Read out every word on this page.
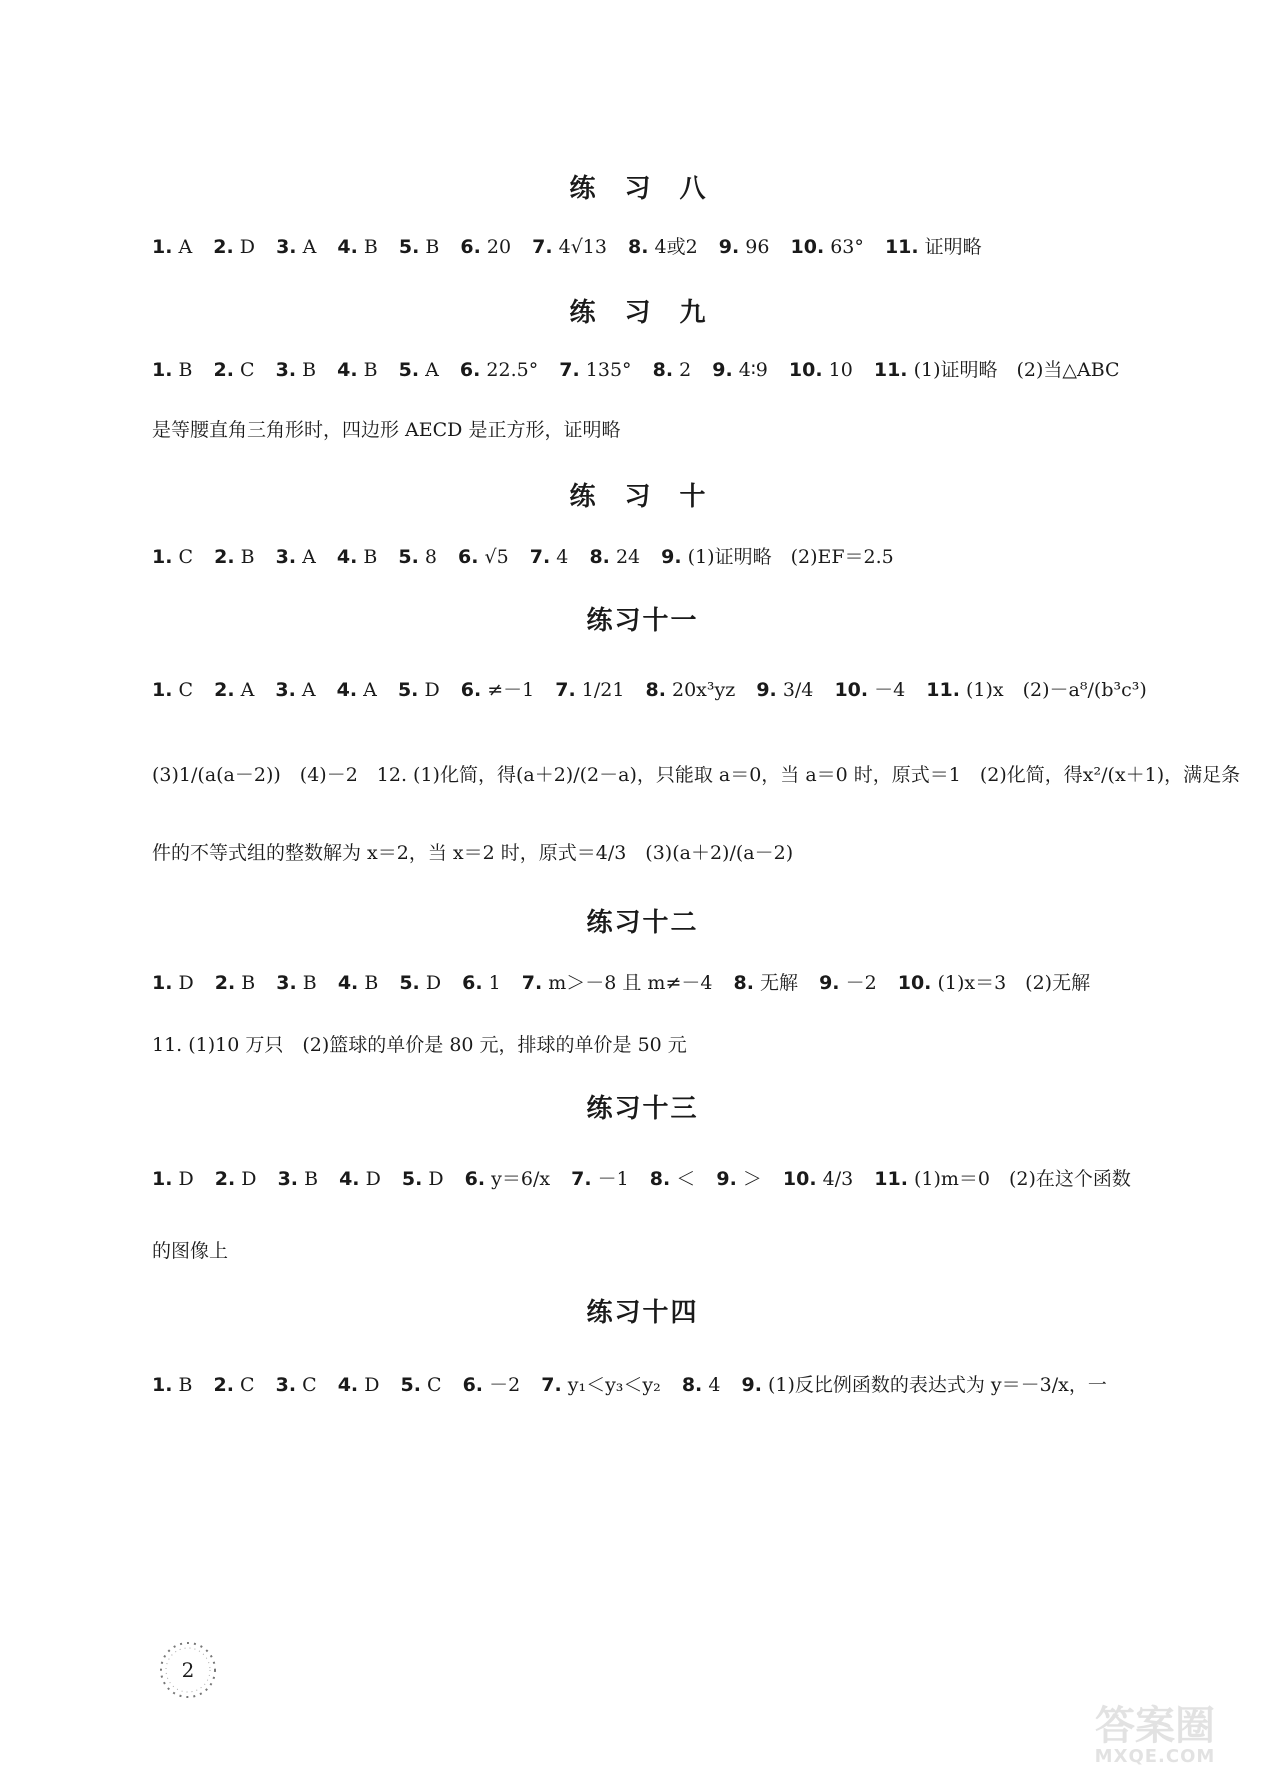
练 习 八
1. A 2. D 3. A 4. B 5. B 6. 20 7. 4√13 8. 4或2 9. 96 10. 63° 11. 证明略
练 习 九
1. B 2. C 3. B 4. B 5. A 6. 22.5° 7. 135° 8. 2 9. 4∶9 10. 10 11. (1)证明略　(2)当△ABC
是等腰直角三角形时，四边形 AECD 是正方形，证明略
练 习 十
1. C 2. B 3. A 4. B 5. 8 6. √5 7. 4 8. 24 9. (1)证明略　(2)EF＝2.5
练习十一
1. C 2. A 3. A 4. A 5. D 6. ≠－1 7. 1/21 8. 20x³yz 9. 3/4 10. －4 11. (1)x　(2)－a⁸/(b³c³)
(3)1/(a(a－2))　(4)－2　12. (1)化简，得(a＋2)/(2－a)，只能取 a＝0，当 a＝0 时，原式＝1　(2)化简，得x²/(x＋1)，满足条
件的不等式组的整数解为 x＝2，当 x＝2 时，原式＝4/3　(3)(a＋2)/(a－2)
练习十二
1. D 2. B 3. B 4. B 5. D 6. 1 7. m＞－8 且 m≠－4 8. 无解 9. －2 10. (1)x＝3　(2)无解
11. (1)10 万只　(2)篮球的单价是 80 元，排球的单价是 50 元
练习十三
1. D 2. D 3. B 4. D 5. D 6. y＝6/x 7. －1 8. ＜ 9. ＞ 10. 4/3 11. (1)m＝0　(2)在这个函数
的图像上
练习十四
1. B 2. C 3. C 4. D 5. C 6. －2 7. y₁＜y₃＜y₂ 8. 4 9. (1)反比例函数的表达式为 y＝－3/x，一
2
答案圈
MXQE.COM
